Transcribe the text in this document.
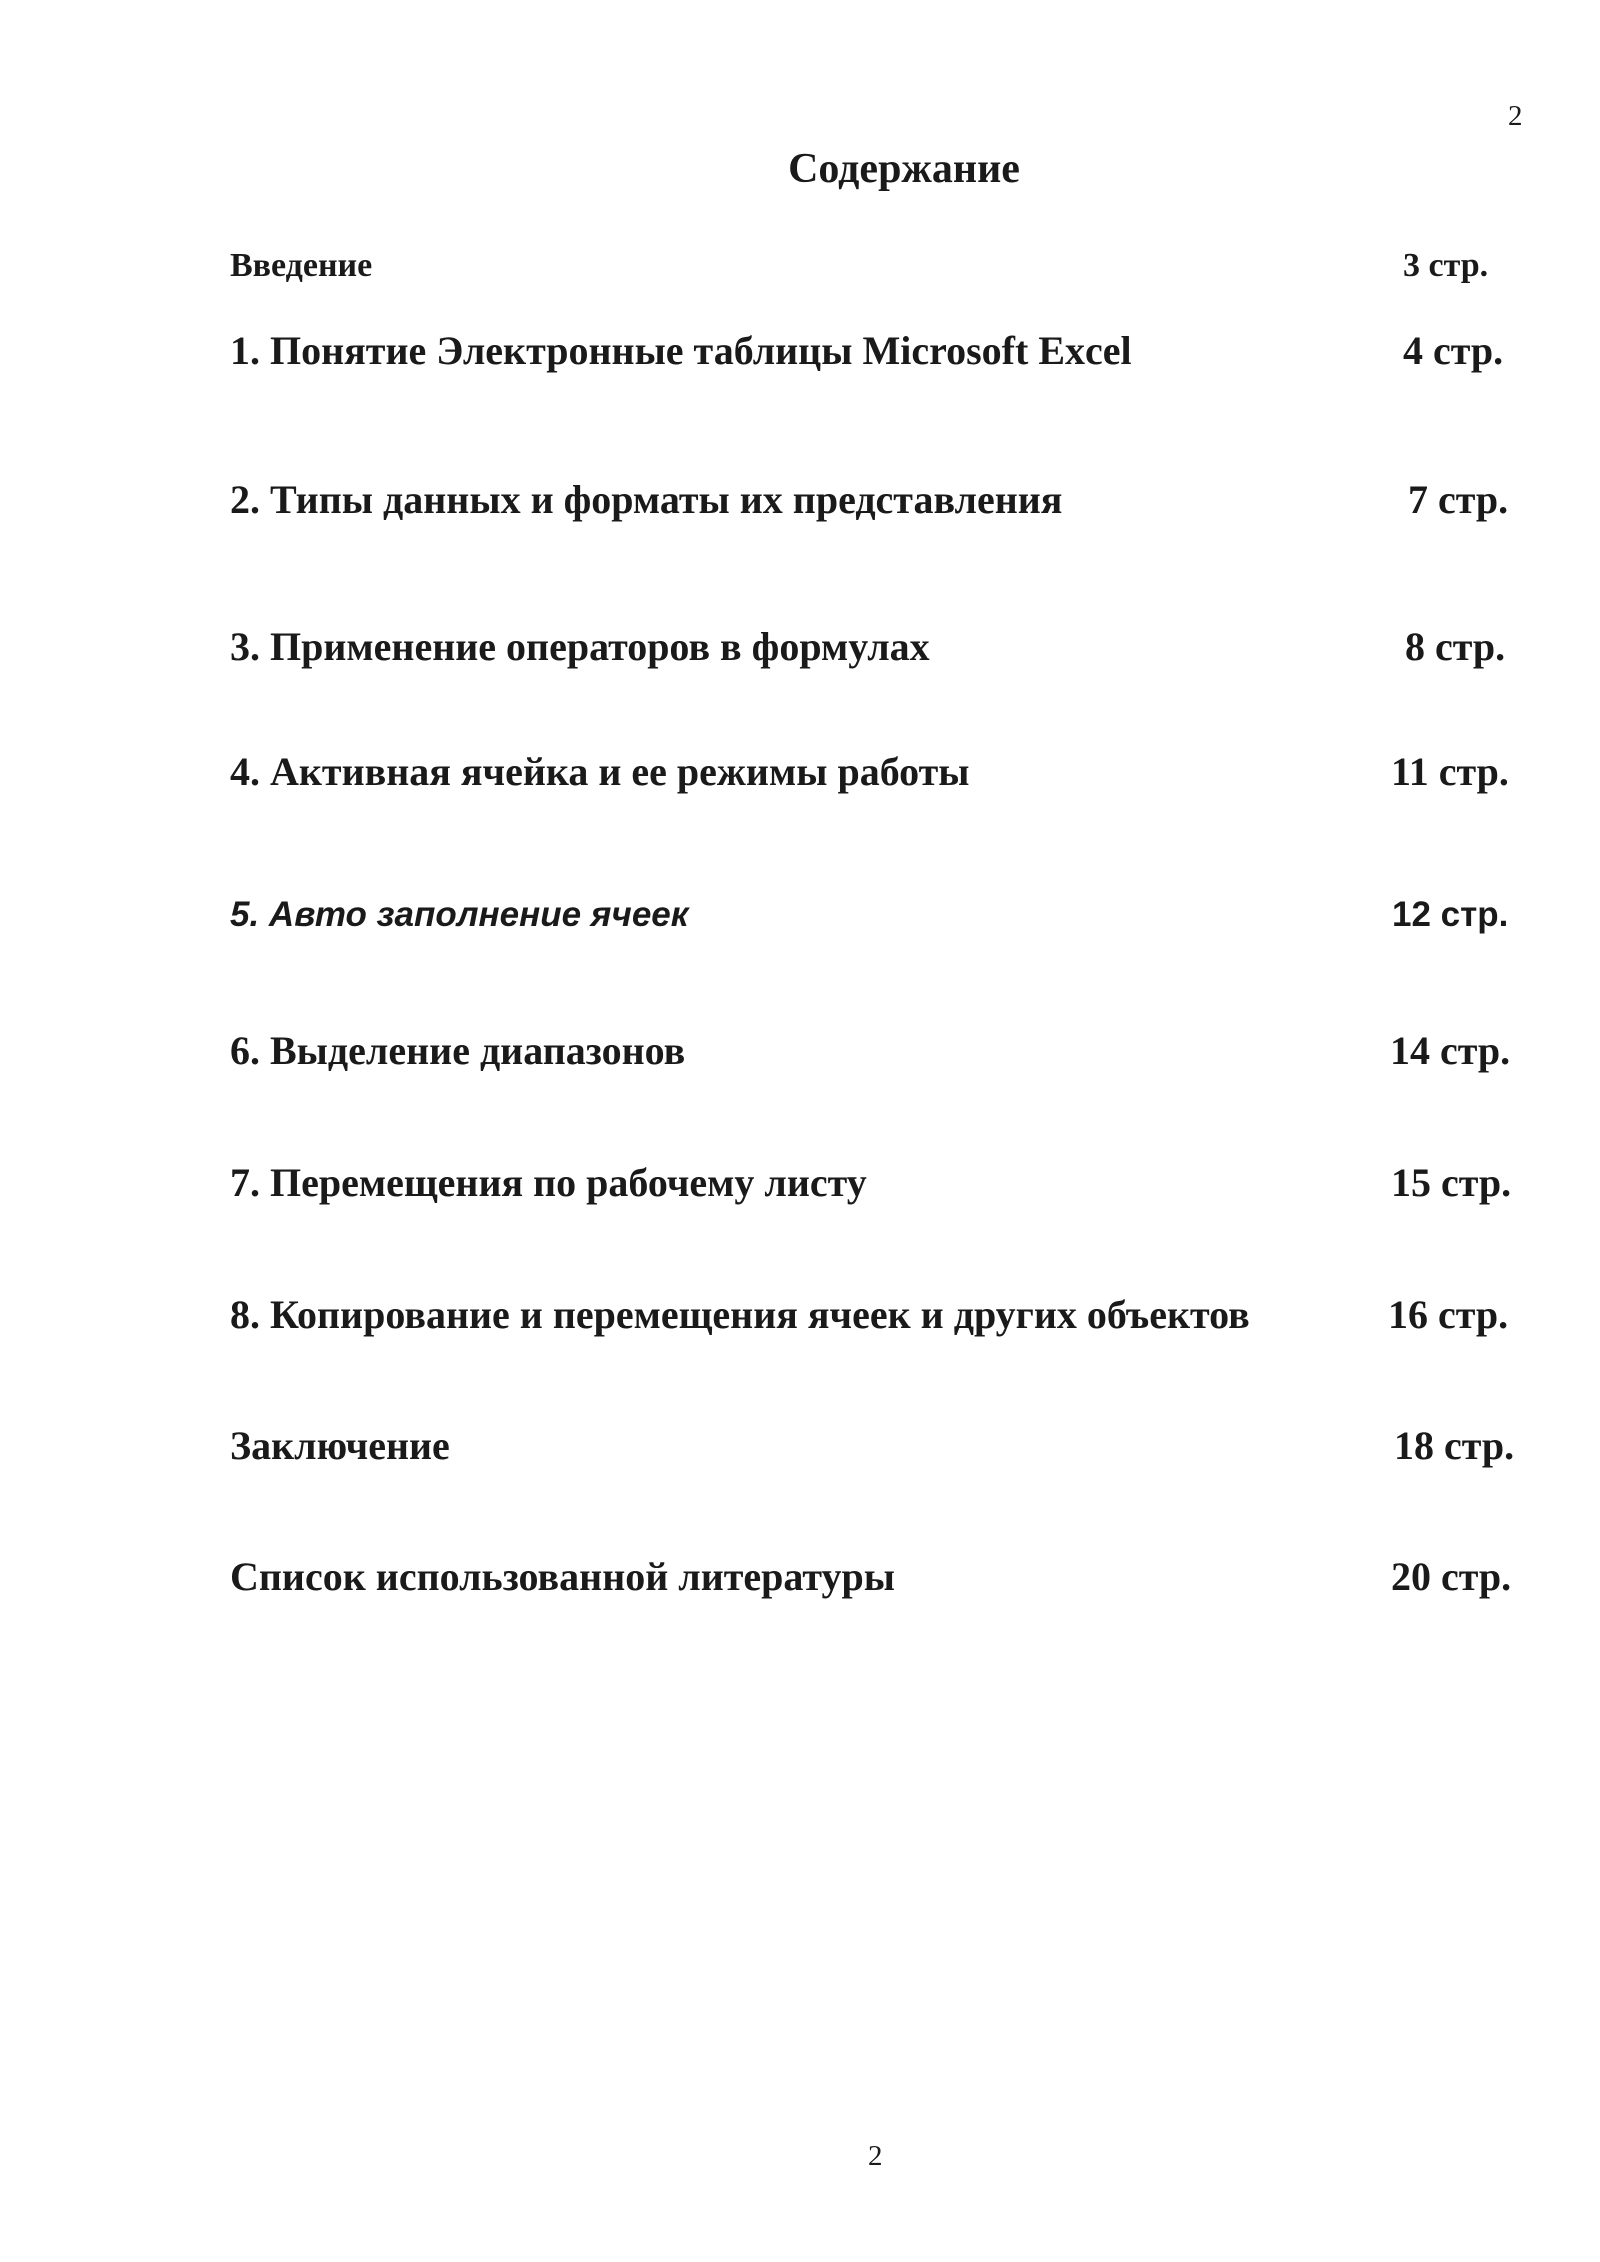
2
Содержание
Введение	3 стр.
1. Понятие Электронные таблицы Microsoft Excel	4 стр.
2. Типы данных и форматы их представления	7 стр.
3. Применение операторов в формулах	8 стр.
4. Активная ячейка и ее режимы работы	11 стр.
5. Авто заполнение ячеек	12 стр.
6. Выделение диапазонов	14 стр.
7. Перемещения по рабочему листу	15 стр.
8. Копирование и перемещения ячеек и других объектов	16 стр.
Заключение	18 стр.
Список использованной литературы	20 стр.
2
